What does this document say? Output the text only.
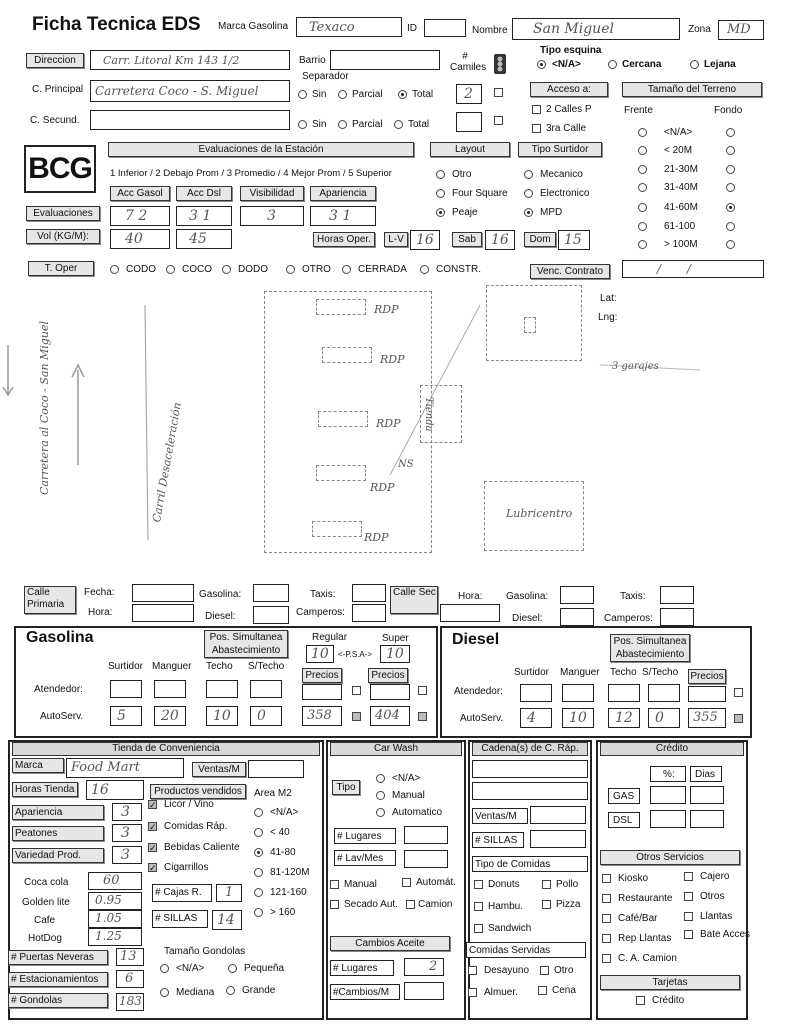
Ficha Tecnica EDS Marca Gasolina Texaco	ID	Nombre San Miguel	Zona MD
Direccion	Carr. Litoral Km 143 1/2	Barrio	# Camiles
Tipo esquina
<N/A>	Cercana	Lejana
Separador
C. Principal Carretera Coco - S. Miguel	Sin	Parcial	Total 2	Acceso a:	Tamaño del Terreno
C. Secund.	Sin	Parcial	Total
2 Calles P
3ra Calle
Frente	Fondo
<N/A>
< 20M
21-30M
31-40M
41-60M
61-100
> 100M
BCG
Evaluaciones de la Estación	Layout	Tipo Surtidor
1 Inferior / 2 Debajo Prom / 3 Promedio / 4 Mejor Prom / 5 Superior	Otro
Four Square
Peaje
Mecanico
Electronico
MPD
Acc Gasol	Acc Dsl	Visibilidad	Apariencia
Evaluaciones	7 2	3 1	3	3 1
Vol (KG/M):	40	45	Horas Oper.	L-V 16	Sab	16	Dom 15
T. Oper	CODO	COCO	DODO	OTRO	CERRADA	CONSTR.	Venc. Contrato	/ /
Lat:
Lng:
RDP
RDP
RDP
RDP
RDP
NS
Tienda
Lubricentro
3 garajes
Carretera al Coco - San Miguel	Carril Desaceleración
Calle Primaria
Fecha:
Hora:
Gasolina:
Diesel:
Taxis:
Camperos:
Calle Sec Hora: Gasolina:
Diesel:
Taxis:
Camperos:
Gasolina	Pos. Simultanea Abastecimiento
Regular	Super
10 <-P.S.A-> 10
Surtidor Manguer Techo S/Techo
Precios	Precios
Atendedor:
AutoServ. 5	20 10 0	358	404
Diesel	Pos. Simultanea Abastecimiento
Surtidor Manguer Techo S/Techo Precios
Atendedor:
AutoServ. 4 10 12 0 355
Tienda de Conveniencia
Marca	Food Mart	Ventas/M
Horas Tienda 16	Productos vendidos	Area M2
✓ Licor / Vino
✓ Comidas Ráp.
✓ Bebidas Caliente
✓ Cigarrillos
<N/A>
< 40
41-80
81-120M
121-160
> 160
Apariencia	3
Peatones	3
Variedad Prod.	3
Coca cola	60
Golden lite 0.95
Cafe	1.05
HotDog	1.25
# Cajas R. 1
# SILLAS 14
# Puertas Neveras	13
# Estacionamientos	6
# Gondolas	183
Tamaño Gondolas
<N/A>	Pequeña
Mediana	Grande
Car Wash
Tipo
<N/A>
Manual
Automatico
# Lugares
# Lav/Mes
Manual	Automát.
Secado Aut. Camion
Cambios Aceite
# Lugares	2
#Cambios/M
Cadena(s) de C. Ráp.
Ventas/M
# SILLAS
Tipo de Comidas
Donuts	Pollo
Hambu.	Pizza
Sandwich
Comidas Servidas
Desayuno Otro
Almuer.	Cena
Crédito
%: Dias
GAS
DSL
Otros Servicios
Kiosko	Cajero
Restaurante	Otros
Café/Bar	Llantas
Rep Llantas	Bate Acces
C. A. Camion
Tarjetas
Crédito
